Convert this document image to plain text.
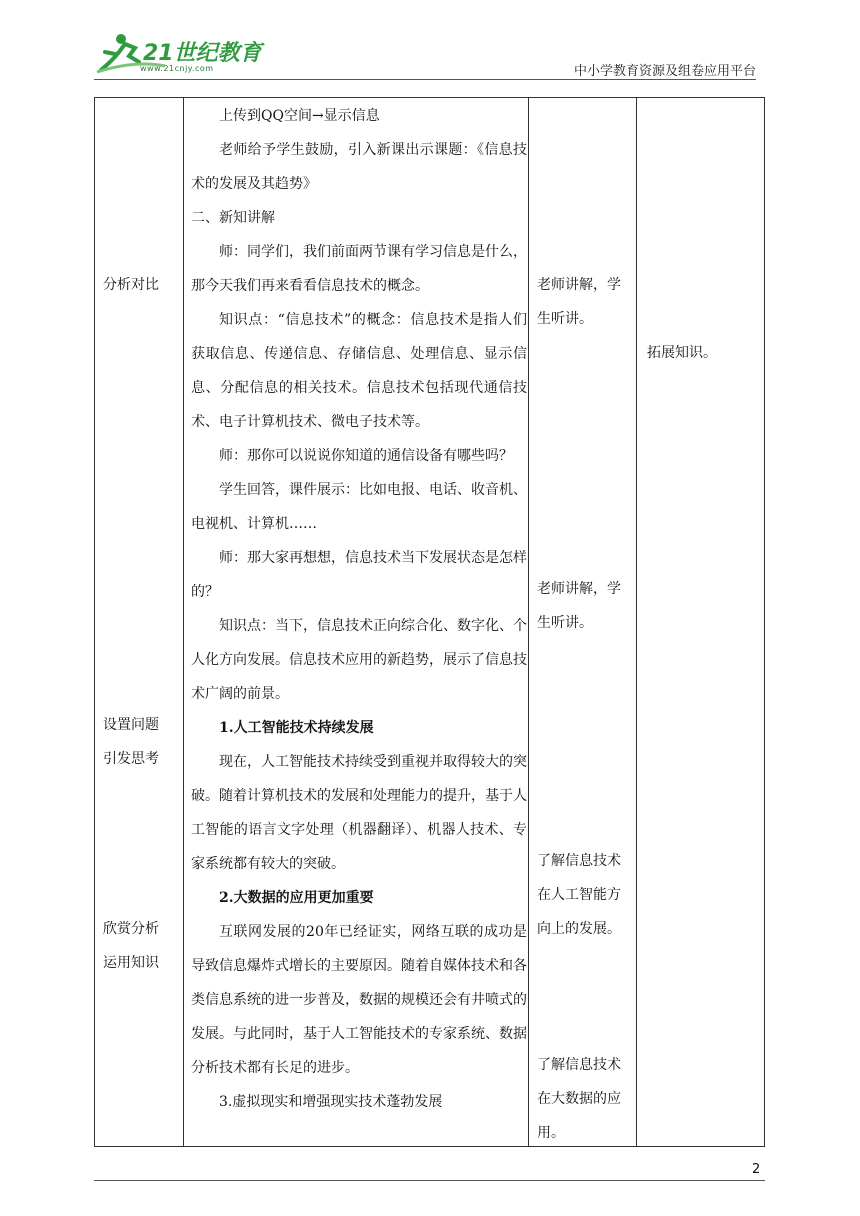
21世纪教育
www.21cnjy.com	中小学教育资源及组卷应用平台
分析对比
设置问题
引发思考
欣赏分析
运用知识

上传到QQ空间→显示信息

老师给予学生鼓励，引入新课出示课题：《信息技术的发展及其趋势》

二、新知讲解

师：同学们，我们前面两节课有学习信息是什么，那今天我们再来看看信息技术的概念。

知识点：“信息技术”的概念：信息技术是指人们获取信息、传递信息、存储信息、处理信息、显示信息、分配信息的相关技术。信息技术包括现代通信技术、电子计算机技术、微电子技术等。

师：那你可以说说你知道的通信设备有哪些吗？

学生回答，课件展示：比如电报、电话、收音机、电视机、计算机……

师：那大家再想想，信息技术当下发展状态是怎样的？

知识点：当下，信息技术正向综合化、数字化、个人化方向发展。信息技术应用的新趋势，展示了信息技术广阔的前景。

1.人工智能技术持续发展

现在，人工智能技术持续受到重视并取得较大的突破。随着计算机技术的发展和处理能力的提升，基于人工智能的语言文字处理（机器翻译）、机器人技术、专家系统都有较大的突破。

2.大数据的应用更加重要

互联网发展的20年已经证实，网络互联的成功是导致信息爆炸式增长的主要原因。随着自媒体技术和各类信息系统的进一步普及，数据的规模还会有井喷式的发展。与此同时，基于人工智能技术的专家系统、数据分析技术都有长足的进步。

3.虚拟现实和增强现实技术蓬勃发展

老师讲解，学生听讲。
老师讲解，学生听讲。
了解信息技术在人工智能方向上的发展。
了解信息技术在大数据的应用。
拓展知识。
2
